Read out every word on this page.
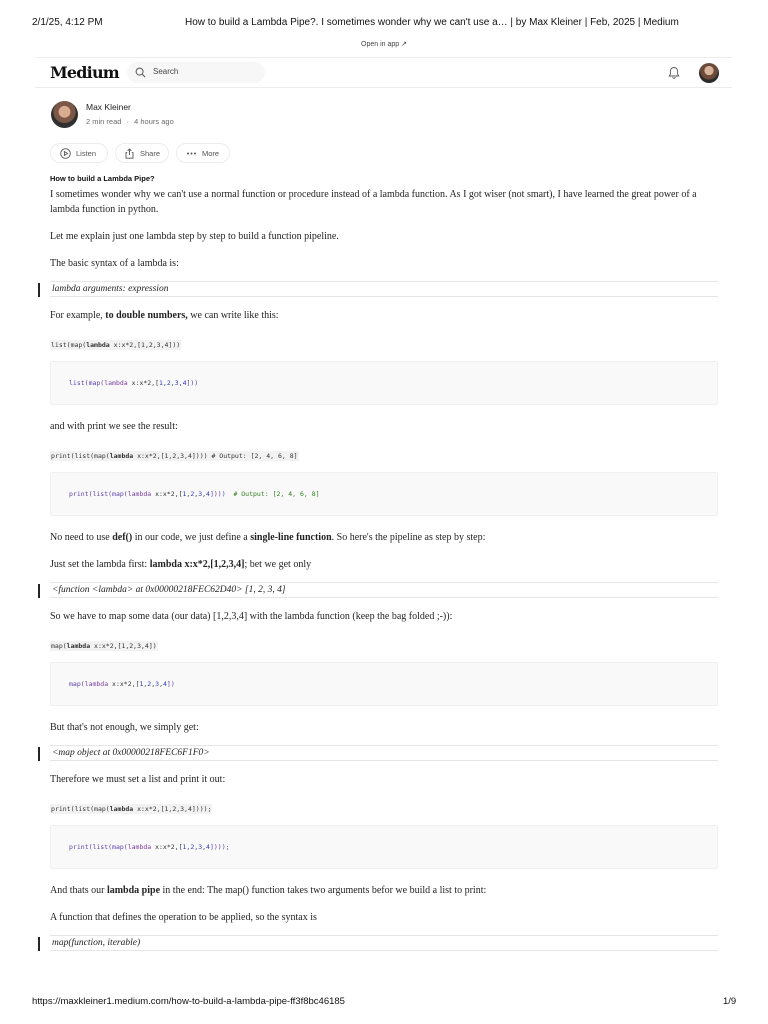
2/1/25, 4:12 PM	How to build a Lambda Pipe?. I sometimes wonder why we can't use a… | by Max Kleiner | Feb, 2025 | Medium
Open in app ↗
Medium
Search
Max Kleiner
2 min read · 4 hours ago
Listen	Share	More
How to build a Lambda Pipe?

I sometimes wonder why we can't use a normal function or procedure instead of a lambda function. As I got wiser (not smart), I have learned the great power of a lambda function in python.

Let me explain just one lambda step by step to build a function pipeline.

The basic syntax of a lambda is:

lambda arguments: expression

For example, to double numbers, we can write like this:

list(map(lambda x:x*2,[1,2,3,4]))
list(map(lambda x:x*2,[1,2,3,4]))

and with print we see the result:

print(list(map(lambda x:x*2,[1,2,3,4]))) # Output: [2, 4, 6, 8]
print(list(map(lambda x:x*2,[1,2,3,4])))  # Output: [2, 4, 6, 8]

No need to use def() in our code, we just define a single-line function. So here's the pipeline as step by step:

Just set the lambda first: lambda x:x*2,[1,2,3,4]; bet we get only

<function <lambda> at 0x00000218FEC62D40> [1, 2, 3, 4]

So we have to map some data (our data) [1,2,3,4] with the lambda function (keep the bag folded ;-)):

map(lambda x:x*2,[1,2,3,4])
map(lambda x:x*2,[1,2,3,4])

But that's not enough, we simply get:

<map object at 0x00000218FEC6F1F0>

Therefore we must set a list and print it out:

print(list(map(lambda x:x*2,[1,2,3,4])));
print(list(map(lambda x:x*2,[1,2,3,4])));

And thats our lambda pipe in the end: The map() function takes two arguments befor we build a list to print:

A function that defines the operation to be applied, so the syntax is

map(function, iterable)
https://maxkleiner1.medium.com/how-to-build-a-lambda-pipe-ff3f8bc46185	1/9
